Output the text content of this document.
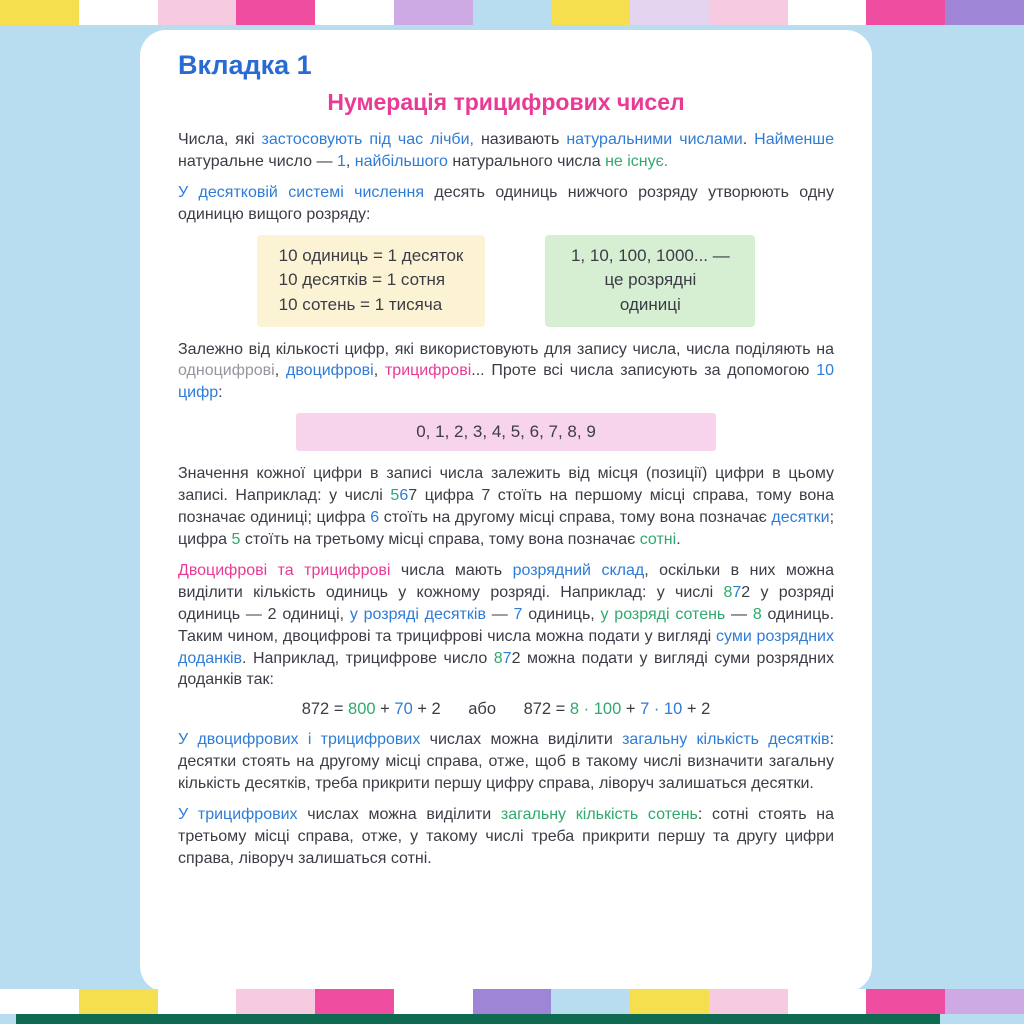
Вкладка 1
Нумерація трицифрових чисел

Числа, які застосовують під час лічби, називають натуральними числами. Найменше натуральне число — 1, найбільшого натурального числа не існує.

У десятковій системі числення десять одиниць нижчого розряду утворюють одну одиницю вищого розряду:

10 одиниць = 1 десяток
10 десятків = 1 сотня
10 сотень = 1 тисяча
1, 10, 100, 1000... —
це розрядні
одиниці

Залежно від кількості цифр, які використовують для запису числа, числа поділяють на одноцифрові, двоцифрові, трицифрові... Проте всі числа записують за допомогою 10 цифр:

0, 1, 2, 3, 4, 5, 6, 7, 8, 9

Значення кожної цифри в записі числа залежить від місця (позиції) цифри в цьому записі. Наприклад: у числі 567 цифра 7 стоїть на першому місці справа, тому вона позначає одиниці; цифра 6 стоїть на другому місці справа, тому вона позначає десятки; цифра 5 стоїть на третьому місці справа, тому вона позначає сотні.

Двоцифрові та трицифрові числа мають розрядний склад, оскільки в них можна виділити кількість одиниць у кожному розряді. Наприклад: у числі 872 у розряді одиниць — 2 одиниці, у розряді десятків — 7 одиниць, у розряді сотень — 8 одиниць. Таким чином, двоцифрові та трицифрові числа можна подати у вигляді суми розрядних доданків. Наприклад, трицифрове число 872 можна подати у вигляді суми розрядних доданків так:

872 = 800 + 70 + 2      або      872 = 8 · 100 + 7 · 10 + 2

У двоцифрових і трицифрових числах можна виділити загальну кількість десятків: десятки стоять на другому місці справа, отже, щоб в такому числі визначити загальну кількість десятків, треба прикрити першу цифру справа, ліворуч залишаться десятки.

У трицифрових числах можна виділити загальну кількість сотень: сотні стоять на третьому місці справа, отже, у такому числі треба прикрити першу та другу цифри справа, ліворуч залишаться сотні.
